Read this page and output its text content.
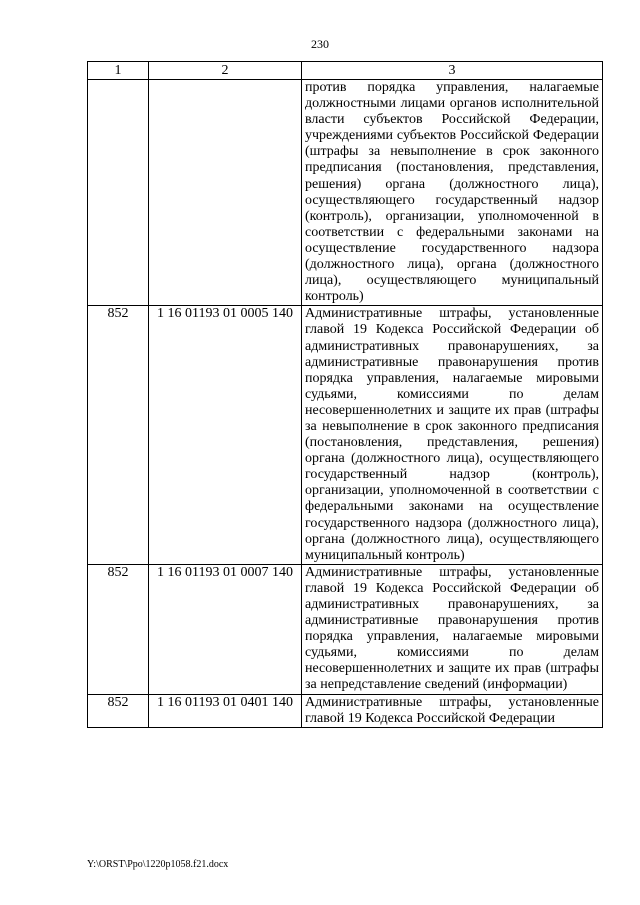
230
1	2	3

		против порядка управления, налагаемые должностными лицами органов исполнительной власти субъектов Российской Федерации, учреждениями субъектов Российской Федерации (штрафы за невыполнение в срок законного предписания (постановления, представления, решения) органа (должностного лица), осуществляющего государственный надзор (контроль), организации, уполномоченной в соответствии с федеральными законами на осуществление государственного надзора (должностного лица), органа (должностного лица), осуществляющего муниципальный контроль)

852	1 16 01193 01 0005 140	Административные штрафы, установленные главой 19 Кодекса Российской Федерации об административных правонарушениях, за административные правонарушения против порядка управления, налагаемые мировыми судьями, комиссиями по делам несовершеннолетних и защите их прав (штрафы за невыполнение в срок законного предписания (постановления, представления, решения) органа (должностного лица), осуществляющего государственный надзор (контроль), организации, уполномоченной в соответствии с федеральными законами на осуществление государственного надзора (должностного лица), органа (должностного лица), осуществляющего муниципальный контроль)

852	1 16 01193 01 0007 140	Административные штрафы, установленные главой 19 Кодекса Российской Федерации об административных правонарушениях, за административные правонарушения против порядка управления, налагаемые мировыми судьями, комиссиями по делам несовершеннолетних и защите их прав (штрафы за непредставление сведений (информации)

852	1 16 01193 01 0401 140	Административные штрафы, установленные главой 19 Кодекса Российской Федерации
Y:\ORST\Ppo\1220p1058.f21.docx
